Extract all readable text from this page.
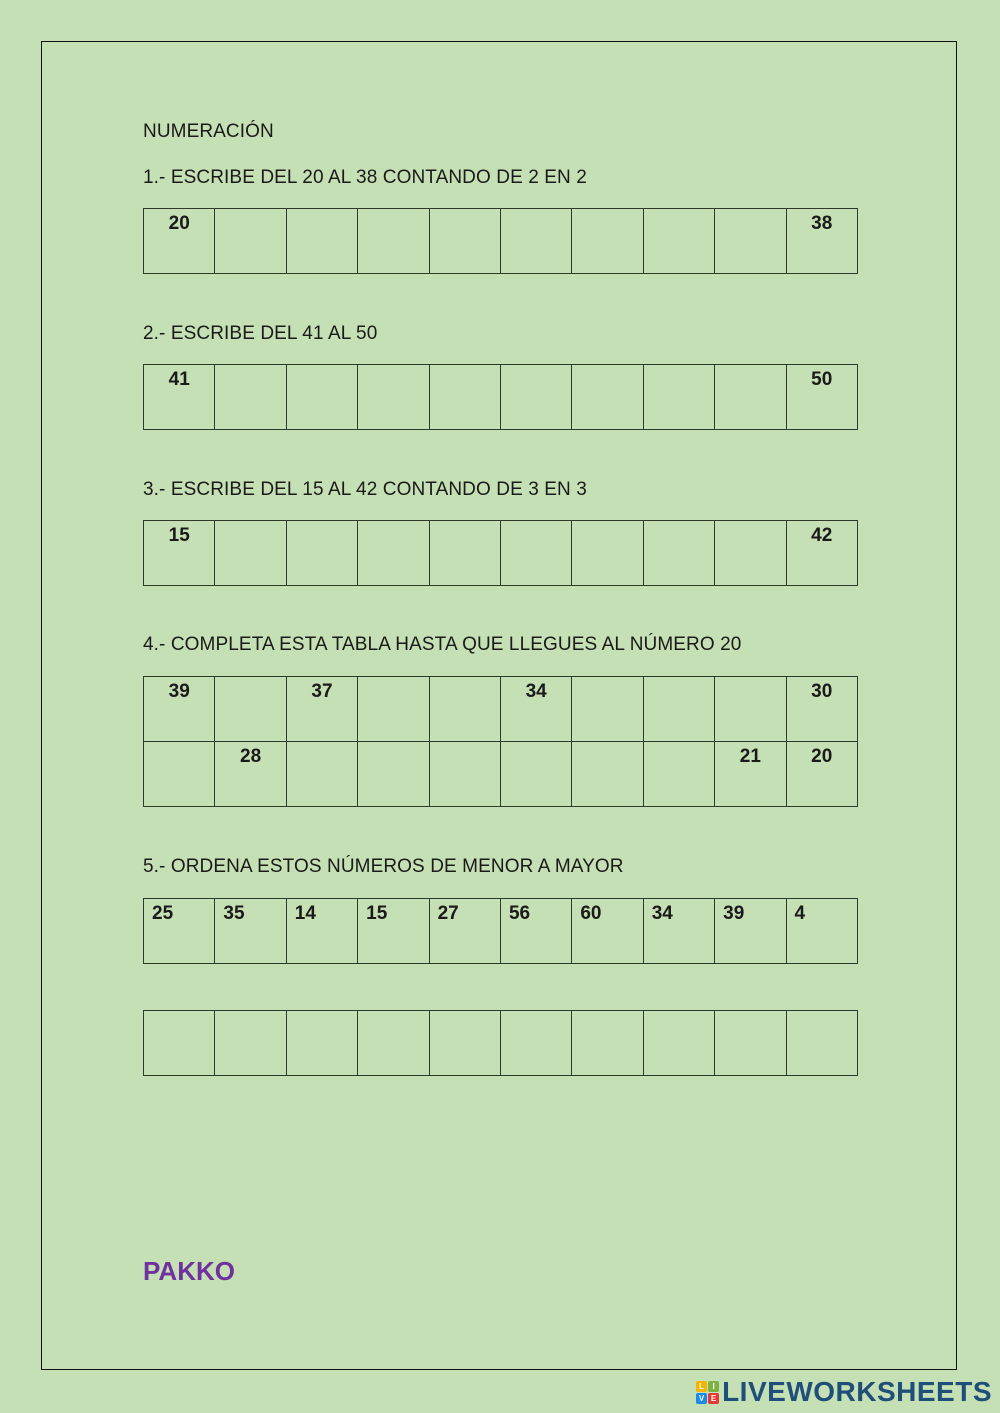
NUMERACIÓN
1.- ESCRIBE DEL 20 AL 38 CONTANDO DE 2 EN 2
20									38
2.- ESCRIBE DEL 41 AL 50
41									50
3.- ESCRIBE DEL 15 AL 42 CONTANDO DE 3 EN 3
15									42
4.- COMPLETA ESTA TABLA HASTA QUE LLEGUES AL NÚMERO 20
39		37			34				30
	28							21	20
5.- ORDENA ESTOS NÚMEROS DE MENOR A MAYOR
25	35	14	15	27	56	60	34	39	4

PAKKO
L	I
V E LIVEWORKSHEETS
